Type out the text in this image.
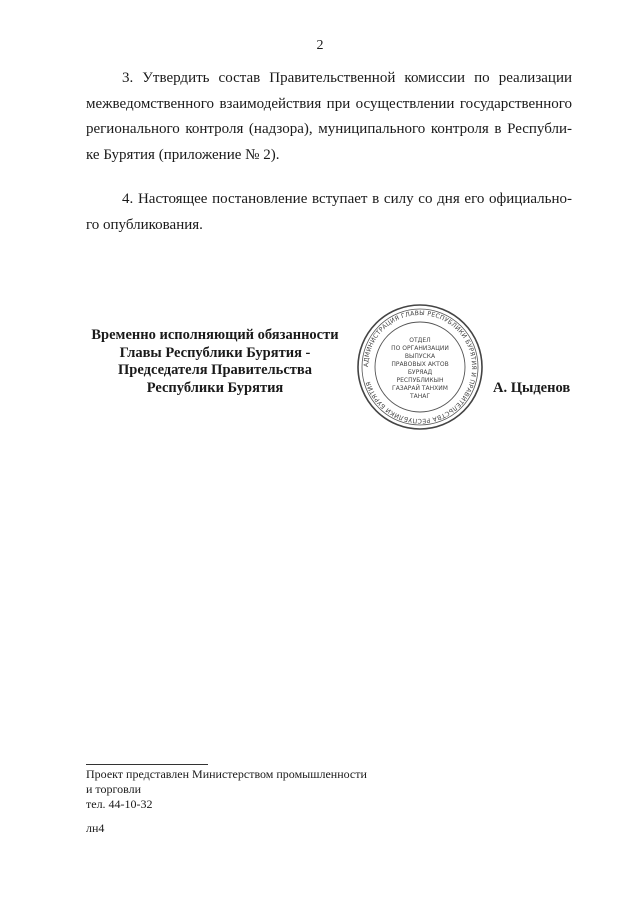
2
3. Утвердить состав Правительственной комиссии по реализации
межведомственного взаимодействия при осуществлении государственного
регионального контроля (надзора), муниципального контроля в Республи-
ке Бурятия (приложение № 2).
4. Настоящее постановление вступает в силу со дня его официально-
го опубликования.
Временно исполняющий обязанности
Главы Республики Бурятия -
Председателя Правительства
Республики Бурятия
АДМИНИСТРАЦИЯ ГЛАВЫ РЕСПУБЛИКИ БУРЯТИЯ И ПРАВИТЕЛЬСТВА РЕСПУБЛИКИ БУРЯТИЯ
ОТДЕЛ
ПО ОРГАНИЗАЦИИ
ВЫПУСКА
ПРАВОВЫХ АКТОВ
БУРЯАД
РЕСПУБЛИКЫН
ГАЗАРАЙ ТАНХИМ
ТАНАГ
А. Цыденов
Проект представлен Министерством промышленности
и торговли
тел. 44-10-32
лн4
